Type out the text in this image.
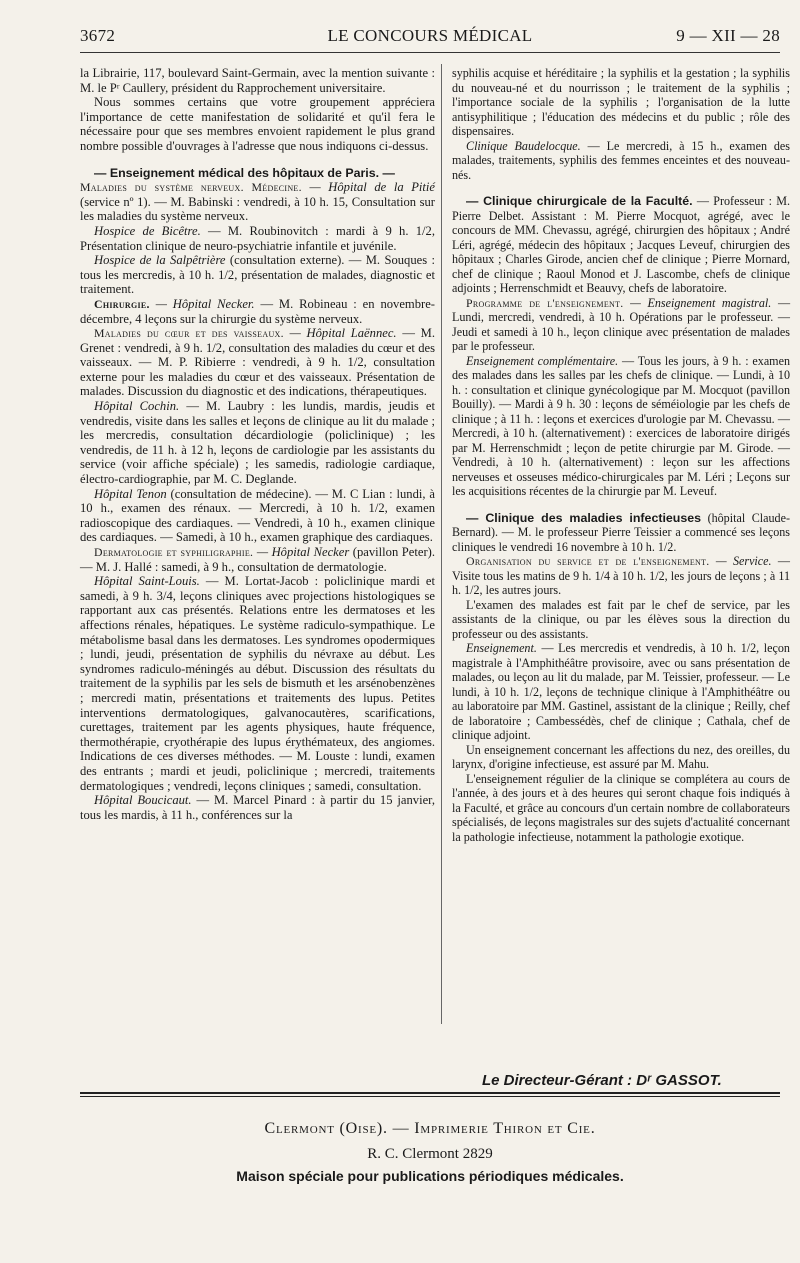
3672	LE CONCOURS MÉDICAL	9 — XII — 28

la Librairie, 117, boulevard Saint-Germain, avec la mention suivante : M. le Pʳ Caullery, président du Rapprochement universitaire.

Nous sommes certains que votre groupement appréciera l'importance de cette manifestation de solidarité et qu'il fera le nécessaire pour que ses membres envoient rapidement le plus grand nombre possible d'ouvrages à l'adresse que nous indiquons ci-dessus.

— Enseignement médical des hôpitaux de Paris. —

Maladies du système nerveux. Médecine. — Hôpital de la Pitié (service nº 1). — M. Babinski : vendredi, à 10 h. 15, Consultation sur les maladies du système nerveux.

Hospice de Bicêtre. — M. Roubinovitch : mardi à 9 h. 1/2, Présentation clinique de neuro-psychiatrie infantile et juvénile.

Hospice de la Salpêtrière (consultation externe). — M. Souques : tous les mercredis, à 10 h. 1/2, présentation de malades, diagnostic et traitement.

Chirurgie. — Hôpital Necker. — M. Robineau : en novembre-décembre, 4 leçons sur la chirurgie du système nerveux.

Maladies du cœur et des vaisseaux. — Hôpital Laënnec. — M. Grenet : vendredi, à 9 h. 1/2, consultation des maladies du cœur et des vaisseaux. — M. P. Ribierre : vendredi, à 9 h. 1/2, consultation externe pour les maladies du cœur et des vaisseaux. Présentation de malades. Discussion du diagnostic et des indications, thérapeutiques.

Hôpital Cochin. — M. Laubry : les lundis, mardis, jeudis et vendredis, visite dans les salles et leçons de clinique au lit du malade ; les mercredis, consultation décardiologie (policlinique) ; les vendredis, de 11 h. à 12 h, leçons de cardiologie par les assistants du service (voir affiche spéciale) ; les samedis, radiologie cardiaque, électro-cardiographie, par M. C. Deglande.

Hôpital Tenon (consultation de médecine). — M. C Lian : lundi, à 10 h., examen des rénaux. — Mercredi, à 10 h. 1/2, examen radioscopique des cardiaques. — Vendredi, à 10 h., examen clinique des cardiaques. — Samedi, à 10 h., examen graphique des cardiaques.

Dermatologie et syphiligraphie. — Hôpital Necker (pavillon Peter). — M. J. Hallé : samedi, à 9 h., consultation de dermatologie.

Hôpital Saint-Louis. — M. Lortat-Jacob : policlinique mardi et samedi, à 9 h. 3/4, leçons cliniques avec projections histologiques se rapportant aux cas présentés. Relations entre les dermatoses et les affections rénales, hépatiques. Le système radiculo-sympathique. Le métabolisme basal dans les dermatoses. Les syndromes opodermiques ; lundi, jeudi, présentation de syphilis du névraxe au début. Les syndromes radiculo-méningés au début. Discussion des résultats du traitement de la syphilis par les sels de bismuth et les arsénobenzènes ; mercredi matin, présentations et traitements des lupus. Petites interventions dermatologiques, galvanocautères, scarifications, curettages, traitement par les agents physiques, haute fréquence, thermothérapie, cryothérapie des lupus érythémateux, des angiomes. Indications de ces diverses méthodes. — M. Louste : lundi, examen des entrants ; mardi et jeudi, policlinique ; mercredi, traitements dermatologiques ; vendredi, leçons cliniques ; samedi, consultation.

Hôpital Boucicaut. — M. Marcel Pinard : à partir du 15 janvier, tous les mardis, à 11 h., conférences sur la

syphilis acquise et héréditaire ; la syphilis et la gestation ; la syphilis du nouveau-né et du nourrisson ; le traitement de la syphilis ; l'importance sociale de la syphilis ; l'organisation de la lutte antisyphilitique ; l'éducation des médecins et du public ; rôle des dispensaires.

Clinique Baudelocque. — Le mercredi, à 15 h., examen des malades, traitements, syphilis des femmes enceintes et des nouveau-nés.

— Clinique chirurgicale de la Faculté. — Professeur : M. Pierre Delbet. Assistant : M. Pierre Mocquot, agrégé, avec le concours de MM. Chevassu, agrégé, chirurgien des hôpitaux ; André Léri, agrégé, médecin des hôpitaux ; Jacques Leveuf, chirurgien des hôpitaux ; Charles Girode, ancien chef de clinique ; Pierre Mornard, chef de clinique ; Raoul Monod et J. Lascombe, chefs de clinique adjoints ; Herrenschmidt et Beauvy, chefs de laboratoire.

Programme de l'enseignement. — Enseignement magistral. — Lundi, mercredi, vendredi, à 10 h. Opérations par le professeur. — Jeudi et samedi à 10 h., leçon clinique avec présentation de malades par le professeur.

Enseignement complémentaire. — Tous les jours, à 9 h. : examen des malades dans les salles par les chefs de clinique. — Lundi, à 10 h. : consultation et clinique gynécologique par M. Mocquot (pavillon Bouilly). — Mardi à 9 h. 30 : leçons de séméiologie par les chefs de clinique ; à 11 h. : leçons et exercices d'urologie par M. Chevassu. — Mercredi, à 10 h. (alternativement) : exercices de laboratoire dirigés par M. Herrenschmidt ; leçon de petite chirurgie par M. Girode. — Vendredi, à 10 h. (alternativement) : leçon sur les affections nerveuses et osseuses médico-chirurgicales par M. Léri ; Leçons sur les acquisitions récentes de la chirurgie par M. Leveuf.

— Clinique des maladies infectieuses (hôpital Claude-Bernard). — M. le professeur Pierre Teissier a commencé ses leçons cliniques le vendredi 16 novembre à 10 h. 1/2.

Organisation du service et de l'enseignement. — Service. — Visite tous les matins de 9 h. 1/4 à 10 h. 1/2, les jours de leçons ; à 11 h. 1/2, les autres jours.

L'examen des malades est fait par le chef de service, par les assistants de la clinique, ou par les élèves sous la direction du professeur ou des assistants.

Enseignement. — Les mercredis et vendredis, à 10 h. 1/2, leçon magistrale à l'Amphithéâtre provisoire, avec ou sans présentation de malades, ou leçon au lit du malade, par M. Teissier, professeur. — Le lundi, à 10 h. 1/2, leçons de technique clinique à l'Amphithéâtre ou au laboratoire par MM. Gastinel, assistant de la clinique ; Reilly, chef de laboratoire ; Cambessédès, chef de clinique ; Cathala, chef de clinique adjoint.

Un enseignement concernant les affections du nez, des oreilles, du larynx, d'origine infectieuse, est assuré par M. Mahu.

L'enseignement régulier de la clinique se complétera au cours de l'année, à des jours et à des heures qui seront chaque fois indiqués à la Faculté, et grâce au concours d'un certain nombre de collaborateurs spécialisés, de leçons magistrales sur des sujets d'actualité concernant la pathologie infectieuse, notamment la pathologie exotique.

Le Directeur-Gérant : Dʳ GASSOT.
Clermont (Oise). — Imprimerie Thiron et Cie.
R. C. Clermont 2829
Maison spéciale pour publications périodiques médicales.
